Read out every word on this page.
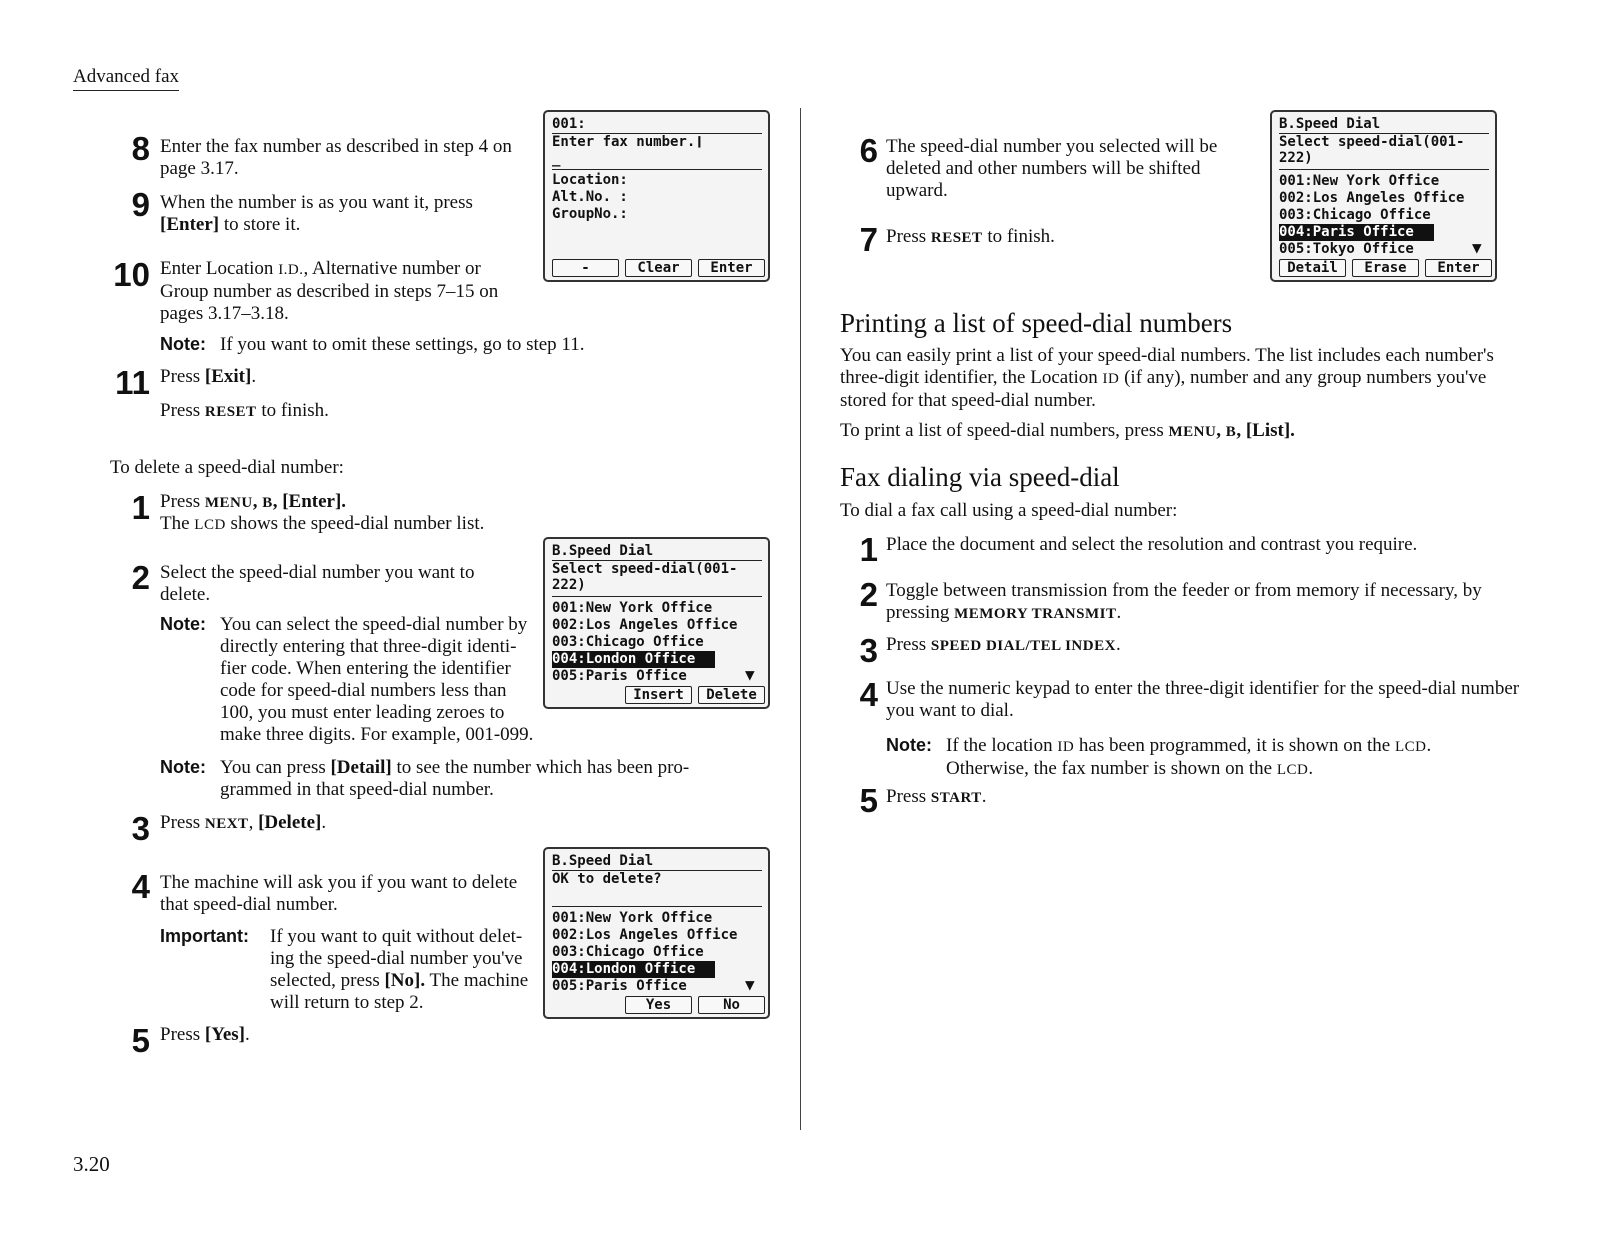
Advanced fax
3.20
8 Enter the fax number as described in step 4 on page 3.17.
9 When the number is as you want it, press [Enter] to store it.
10 Enter Location I.D., Alternative number or Group number as described in steps 7–15 on pages 3.17–3.18.
Note: If you want to omit these settings, go to step 11.
11 Press [Exit].
Press RESET to finish.
To delete a speed-dial number:
1 Press MENU, B, [Enter].
The LCD shows the speed-dial number list.
2 Select the speed-dial number you want to delete.
Note: You can select the speed-dial number by directly entering that three-digit identi- fier code. When entering the identifier code for speed-dial numbers less than 100, you must enter leading zeroes to make three digits. For example, 001-099.
Note: You can press [Detail] to see the number which has been pro- grammed in that speed-dial number.
3 Press NEXT, [Delete].
4 The machine will ask you if you want to delete that speed-dial number.
Important: If you want to quit without delet- ing the speed-dial number you've selected, press [No]. The machine will return to step 2.
5 Press [Yes].
001:
Enter fax number.❙
_
Location:
Alt.No. :
GroupNo.:
-	Clear	Enter
B.Speed Dial
Select speed-dial(001-222)
001:New York Office
002:Los Angeles Office
003:Chicago Office
004:London Office
005:Paris Office	▼
Insert	Delete
B.Speed Dial
OK to delete?
001:New York Office
002:Los Angeles Office
003:Chicago Office
004:London Office
005:Paris Office	▼
Yes	No
6 The speed-dial number you selected will be deleted and other numbers will be shifted upward.
7 Press RESET to finish.
B.Speed Dial
Select speed-dial(001-222)
001:New York Office
002:Los Angeles Office
003:Chicago Office
004:Paris Office
005:Tokyo Office	▼
Detail	Erase	Enter
Printing a list of speed-dial numbers
You can easily print a list of your speed-dial numbers. The list includes each number's three-digit identifier, the Location ID (if any), number and any group numbers you've stored for that speed-dial number.
To print a list of speed-dial numbers, press MENU, B, [List].
Fax dialing via speed-dial
To dial a fax call using a speed-dial number:
1 Place the document and select the resolution and contrast you require.
2 Toggle between transmission from the feeder or from memory if necessary, by pressing MEMORY TRANSMIT.
3 Press SPEED DIAL/TEL INDEX.
4 Use the numeric keypad to enter the three-digit identifier for the speed-dial number you want to dial.
Note: If the location ID has been programmed, it is shown on the LCD. Otherwise, the fax number is shown on the LCD.
5 Press START.
